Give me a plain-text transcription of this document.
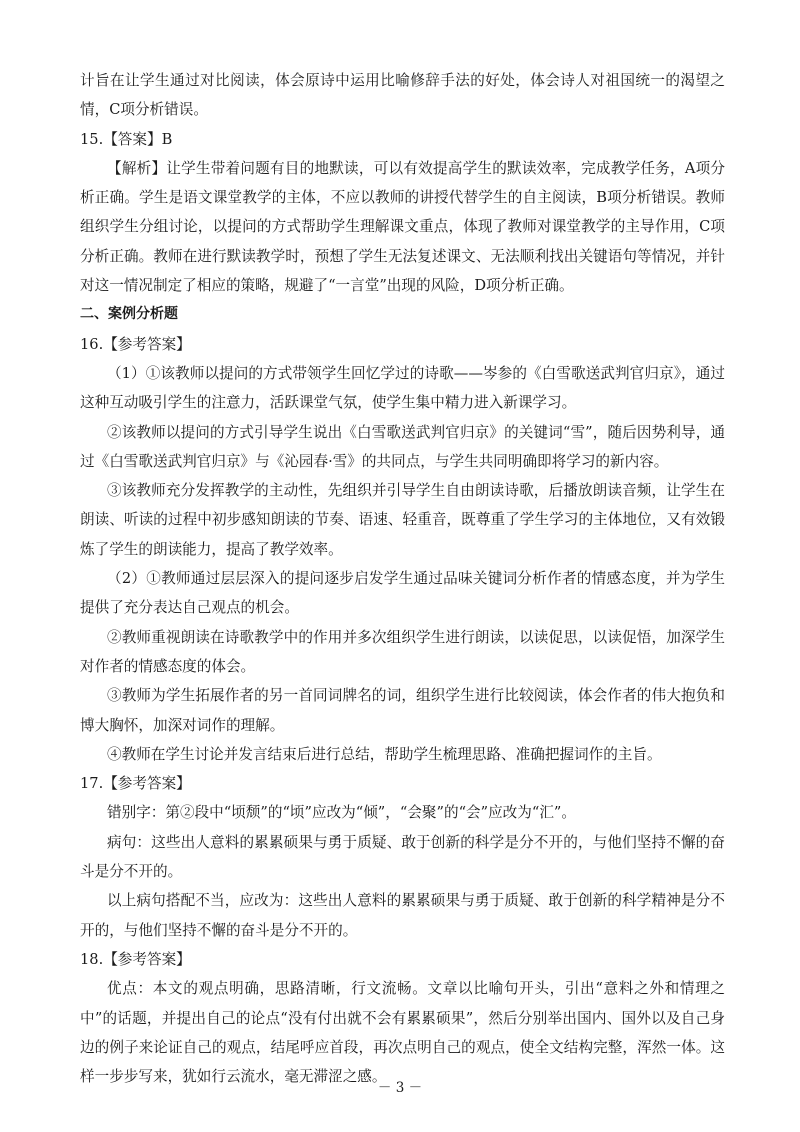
计旨在让学生通过对比阅读，体会原诗中运用比喻修辞手法的好处，体会诗人对祖国统一的渴望之情，C项分析错误。

15.【答案】B

【解析】让学生带着问题有目的地默读，可以有效提高学生的默读效率，完成教学任务，A项分析正确。学生是语文课堂教学的主体，不应以教师的讲授代替学生的自主阅读，B项分析错误。教师组织学生分组讨论，以提问的方式帮助学生理解课文重点，体现了教师对课堂教学的主导作用，C项分析正确。教师在进行默读教学时，预想了学生无法复述课文、无法顺利找出关键语句等情况，并针对这一情况制定了相应的策略，规避了“一言堂”出现的风险，D项分析正确。

二、案例分析题

16.【参考答案】

（1）①该教师以提问的方式带领学生回忆学过的诗歌——岑参的《白雪歌送武判官归京》，通过这种互动吸引学生的注意力，活跃课堂气氛，使学生集中精力进入新课学习。

②该教师以提问的方式引导学生说出《白雪歌送武判官归京》的关键词“雪”，随后因势利导，通过《白雪歌送武判官归京》与《沁园春·雪》的共同点，与学生共同明确即将学习的新内容。

③该教师充分发挥教学的主动性，先组织并引导学生自由朗读诗歌，后播放朗读音频，让学生在朗读、听读的过程中初步感知朗读的节奏、语速、轻重音，既尊重了学生学习的主体地位，又有效锻炼了学生的朗读能力，提高了教学效率。

（2）①教师通过层层深入的提问逐步启发学生通过品味关键词分析作者的情感态度，并为学生提供了充分表达自己观点的机会。

②教师重视朗读在诗歌教学中的作用并多次组织学生进行朗读，以读促思，以读促悟，加深学生对作者的情感态度的体会。

③教师为学生拓展作者的另一首同词牌名的词，组织学生进行比较阅读，体会作者的伟大抱负和博大胸怀，加深对词作的理解。

④教师在学生讨论并发言结束后进行总结，帮助学生梳理思路、准确把握词作的主旨。

17.【参考答案】

错别字：第②段中“顷颓”的“顷”应改为“倾”，“会聚”的“会”应改为“汇”。

病句：这些出人意料的累累硕果与勇于质疑、敢于创新的科学是分不开的，与他们坚持不懈的奋斗是分不开的。

以上病句搭配不当，应改为：这些出人意料的累累硕果与勇于质疑、敢于创新的科学精神是分不开的，与他们坚持不懈的奋斗是分不开的。

18.【参考答案】

优点：本文的观点明确，思路清晰，行文流畅。文章以比喻句开头，引出“意料之外和情理之中”的话题，并提出自己的论点“没有付出就不会有累累硕果”，然后分别举出国内、国外以及自己身边的例子来论证自己的观点，结尾呼应首段，再次点明自己的观点，使全文结构完整，浑然一体。这样一步步写来，犹如行云流水，毫无滞涩之感。

－ 3 －
